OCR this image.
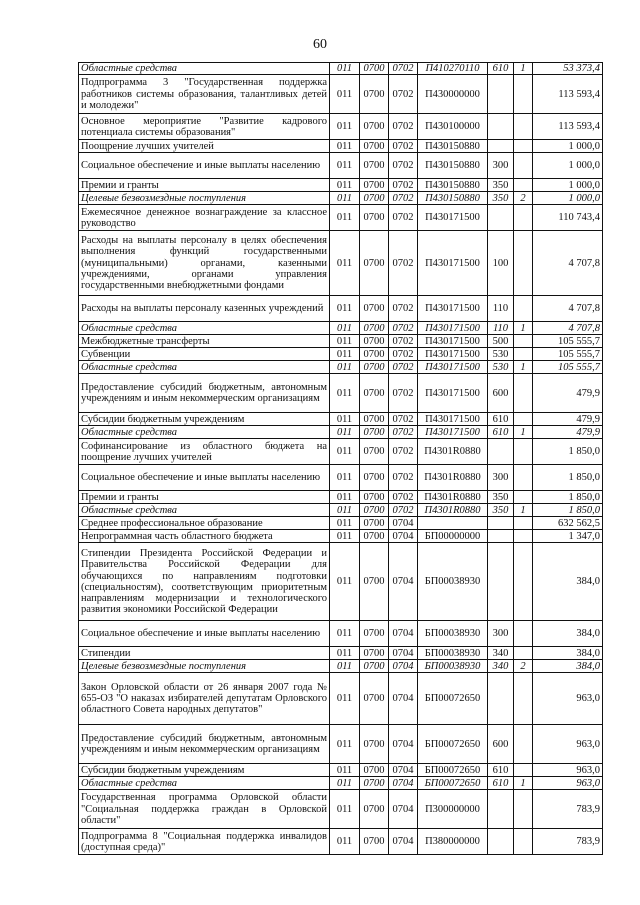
60
Областные средства	011	0700	0702	П410270110	610	1	53 373,4
Подпрограмма 3 "Государственная поддержка работников системы образования, талантливых детей и молодежи"	011	0700	0702	П430000000			113 593,4
Основное мероприятие "Развитие кадрового потенциала системы образования"	011	0700	0702	П430100000			113 593,4
Поощрение лучших учителей	011	0700	0702	П430150880			1 000,0
Социальное обеспечение и иные выплаты населению	011	0700	0702	П430150880	300		1 000,0
Премии и гранты	011	0700	0702	П430150880	350		1 000,0
Целевые безвозмездные поступления	011	0700	0702	П430150880	350	2	1 000,0
Ежемесячное денежное вознаграждение за классное руководство	011	0700	0702	П430171500			110 743,4
Расходы на выплаты персоналу в целях обеспечения выполнения функций государственными (муниципальными) органами, казенными учреждениями, органами управления государственными внебюджетными фондами	011	0700	0702	П430171500	100		4 707,8
Расходы на выплаты персоналу казенных учреждений	011	0700	0702	П430171500	110		4 707,8
Областные средства	011	0700	0702	П430171500	110	1	4 707,8
Межбюджетные трансферты	011	0700	0702	П430171500	500		105 555,7
Субвенции	011	0700	0702	П430171500	530		105 555,7
Областные средства	011	0700	0702	П430171500	530	1	105 555,7
Предоставление субсидий бюджетным, автономным учреждениям и иным некоммерческим организациям	011	0700	0702	П430171500	600		479,9
Субсидии бюджетным учреждениям	011	0700	0702	П430171500	610		479,9
Областные средства	011	0700	0702	П430171500	610	1	479,9
Софинансирование из областного бюджета на поощрение лучших учителей	011	0700	0702	П4301R0880			1 850,0
Социальное обеспечение и иные выплаты населению	011	0700	0702	П4301R0880	300		1 850,0
Премии и гранты	011	0700	0702	П4301R0880	350		1 850,0
Областные средства	011	0700	0702	П4301R0880	350	1	1 850,0
Среднее профессиональное образование	011	0700	0704				632 562,5
Непрограммная часть областного бюджета	011	0700	0704	БП00000000			1 347,0
Стипендии Президента Российской Федерации и Правительства Российской Федерации для обучающихся по направлениям подготовки (специальностям), соответствующим приоритетным направлениям модернизации и технологического развития экономики Российской Федерации	011	0700	0704	БП00038930			384,0
Социальное обеспечение и иные выплаты населению	011	0700	0704	БП00038930	300		384,0
Стипендии	011	0700	0704	БП00038930	340		384,0
Целевые безвозмездные поступления	011	0700	0704	БП00038930	340	2	384,0
Закон Орловской области от 26 января 2007 года № 655-ОЗ "О наказах избирателей депутатам Орловского областного Совета народных депутатов"	011	0700	0704	БП00072650			963,0
Предоставление субсидий бюджетным, автономным учреждениям и иным некоммерческим организациям	011	0700	0704	БП00072650	600		963,0
Субсидии бюджетным учреждениям	011	0700	0704	БП00072650	610		963,0
Областные средства	011	0700	0704	БП00072650	610	1	963,0
Государственная программа Орловской области "Социальная поддержка граждан в Орловской области"	011	0700	0704	П300000000			783,9
Подпрограмма 8 "Социальная поддержка инвалидов (доступная среда)"	011	0700	0704	П380000000			783,9
